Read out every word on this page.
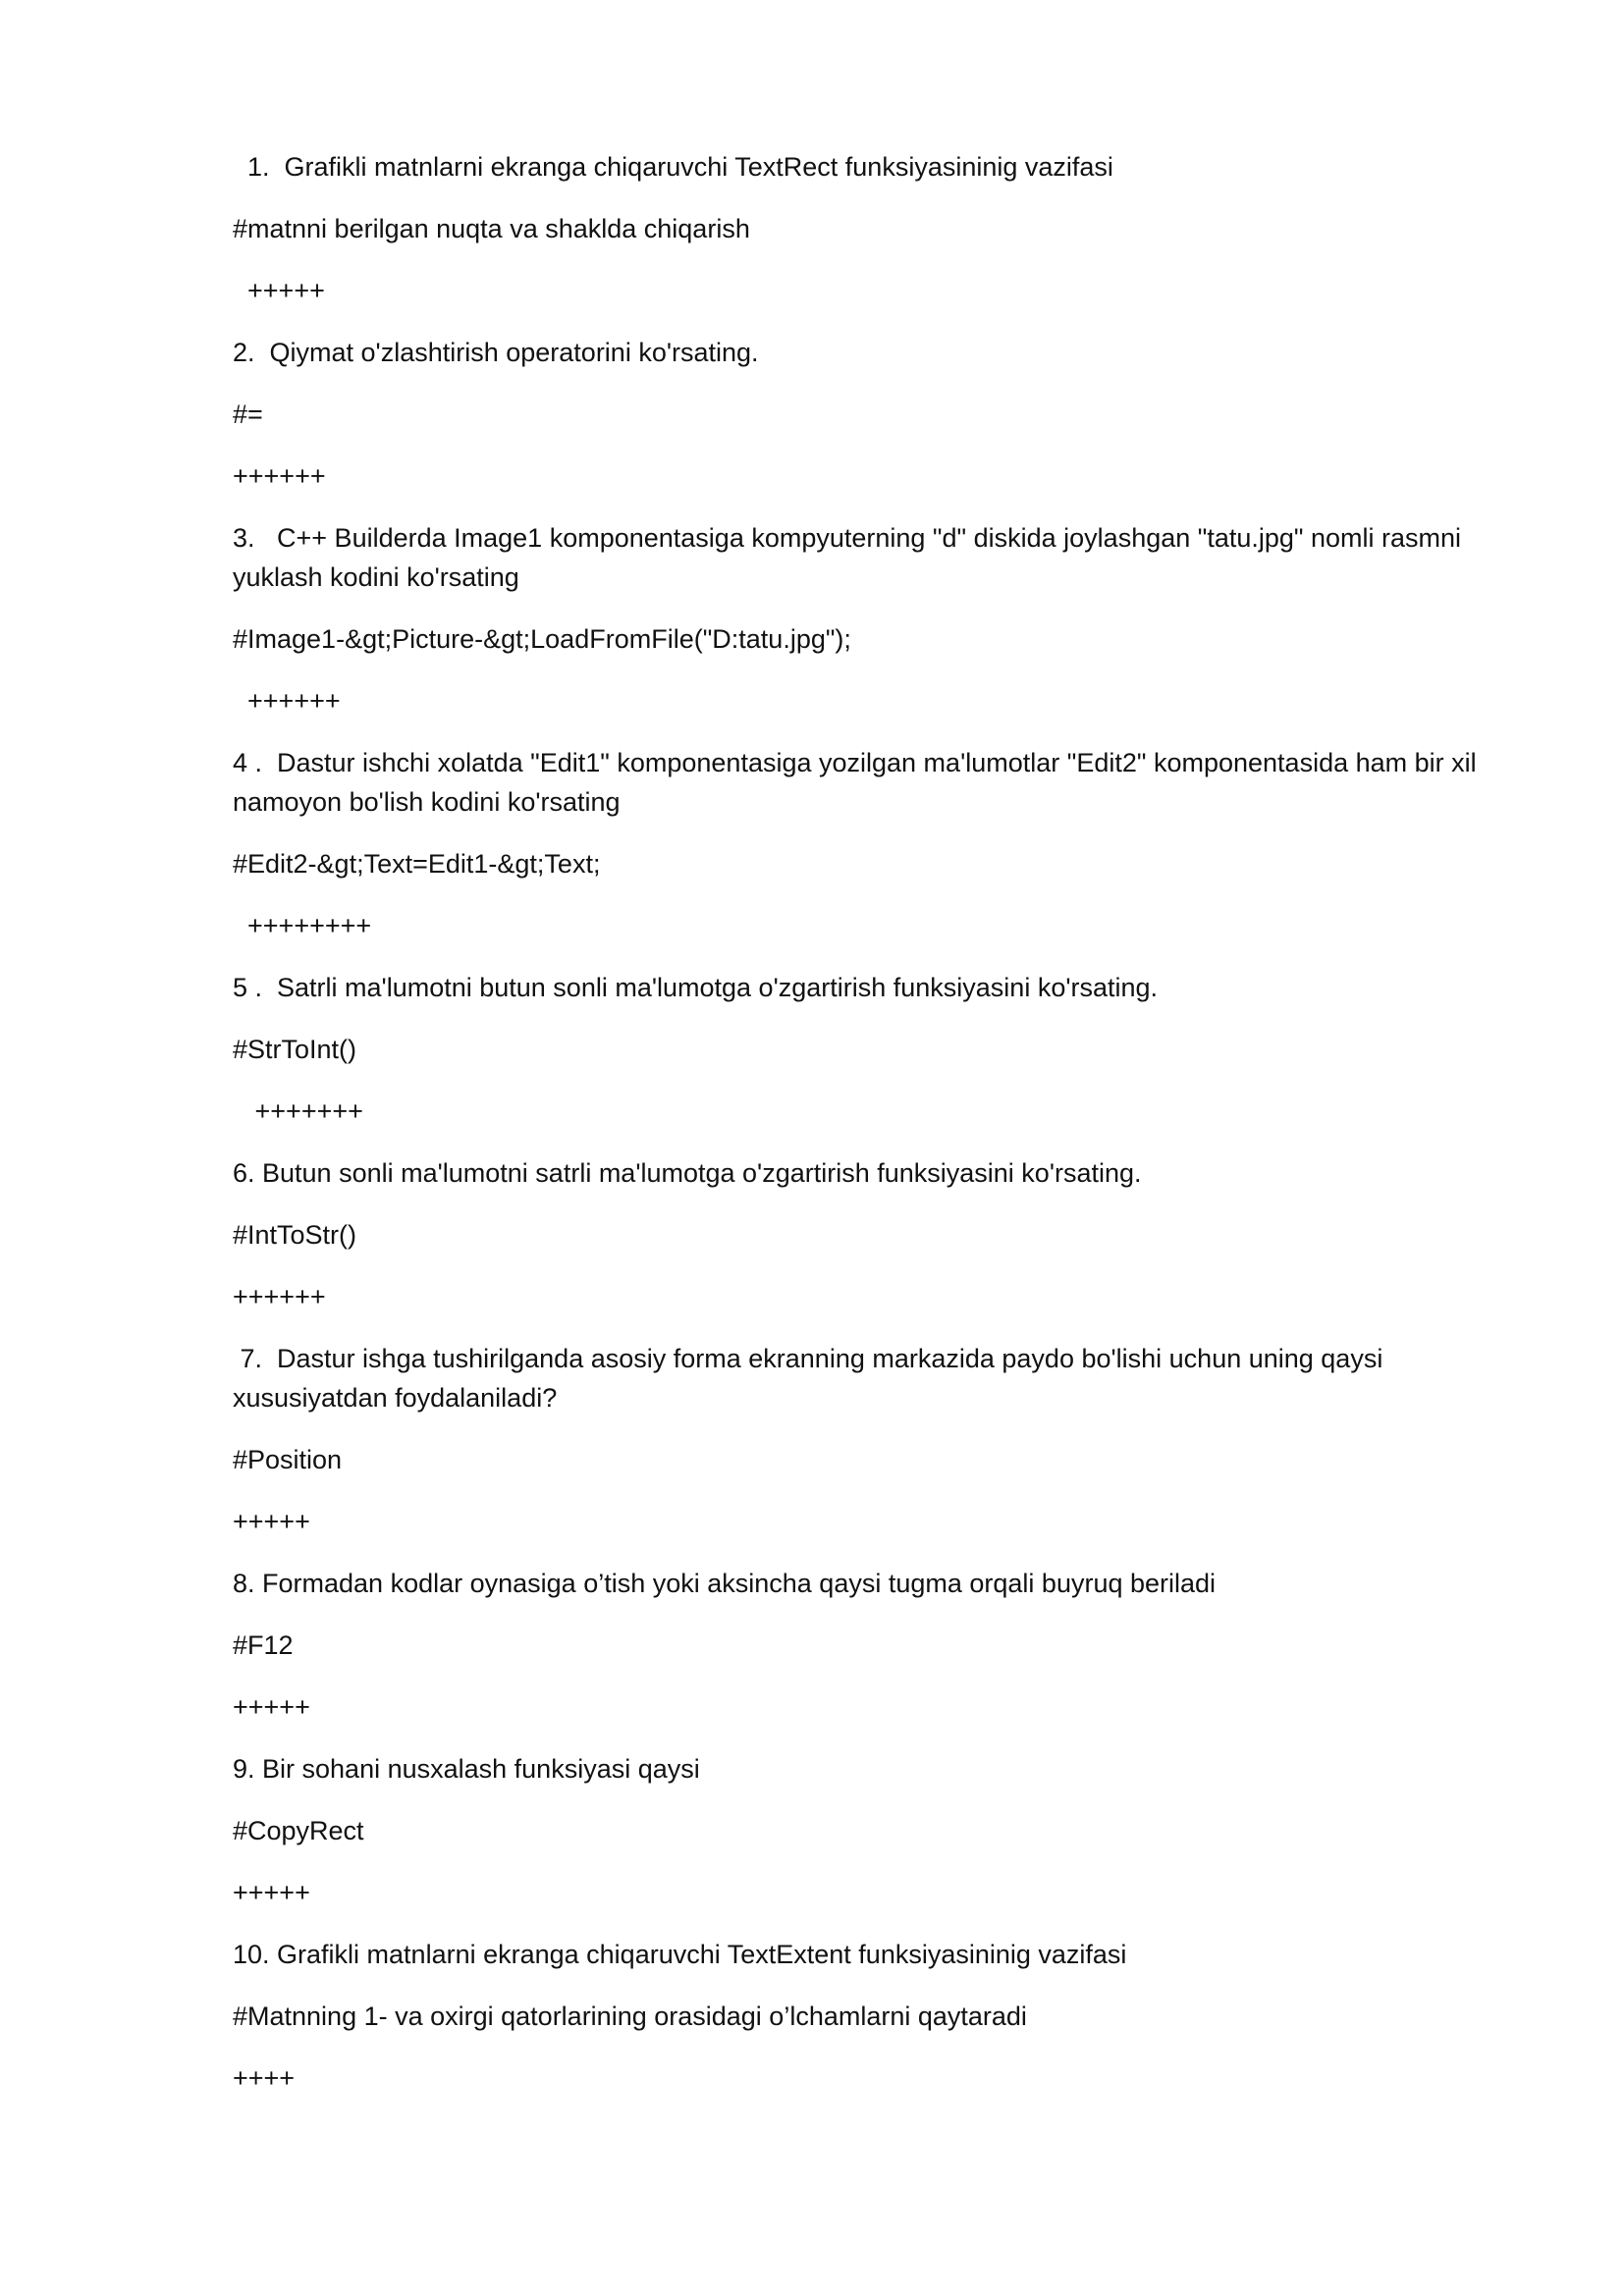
1.  Grafikli matnlarni ekranga chiqaruvchi TextRect funksiyasininig vazifasi

#matnni berilgan nuqta va shaklda chiqarish

+++++

2.  Qiymat o'zlashtirish operatorini ko'rsating.

#=

++++++

3.   C++ Builderda Image1 komponentasiga kompyuterning "d" diskida joylashgan "tatu.jpg" nomli rasmni yuklash kodini ko'rsating

#Image1-&gt;Picture-&gt;LoadFromFile("D:tatu.jpg");

++++++

4 .  Dastur ishchi xolatda "Edit1" komponentasiga yozilgan ma'lumotlar "Edit2" komponentasida ham bir xil namoyon bo'lish kodini ko'rsating

#Edit2-&gt;Text=Edit1-&gt;Text;

++++++++

5 .  Satrli ma'lumotni butun sonli ma'lumotga o'zgartirish funksiyasini ko'rsating.

#StrToInt()

+++++++

6. Butun sonli ma'lumotni satrli ma'lumotga o'zgartirish funksiyasini ko'rsating.

#IntToStr()

++++++

7.  Dastur ishga tushirilganda asosiy forma ekranning markazida paydo bo'lishi uchun uning qaysi xususiyatdan foydalaniladi?

#Position

+++++

8. Formadan kodlar oynasiga o’tish yoki aksincha qaysi tugma orqali buyruq beriladi

#F12

+++++

9. Bir sohani nusxalash funksiyasi qaysi

#CopyRect

+++++

10. Grafikli matnlarni ekranga chiqaruvchi TextExtent funksiyasininig vazifasi

#Matnning 1- va oxirgi qatorlarining orasidagi o’lchamlarni qaytaradi

++++
